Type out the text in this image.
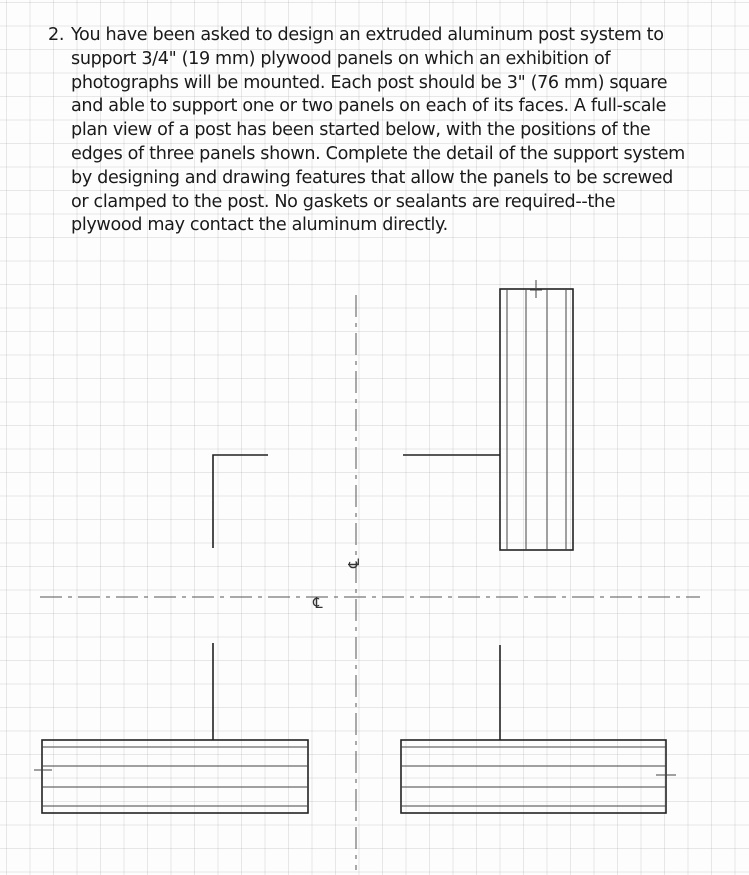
2. You have been asked to design an extruded aluminum post system to support 3/4" (19 mm) plywood panels on which an exhibition of photographs will be mounted. Each post should be 3" (76 mm) square and able to support one or two panels on each of its faces. A full-scale plan view of a post has been started below, with the positions of the edges of three panels shown. Complete the detail of the support system by designing and drawing features that allow the panels to be screwed or clamped to the post. No gaskets or sealants are required--the plywood may contact the aluminum directly.
℄
℄
